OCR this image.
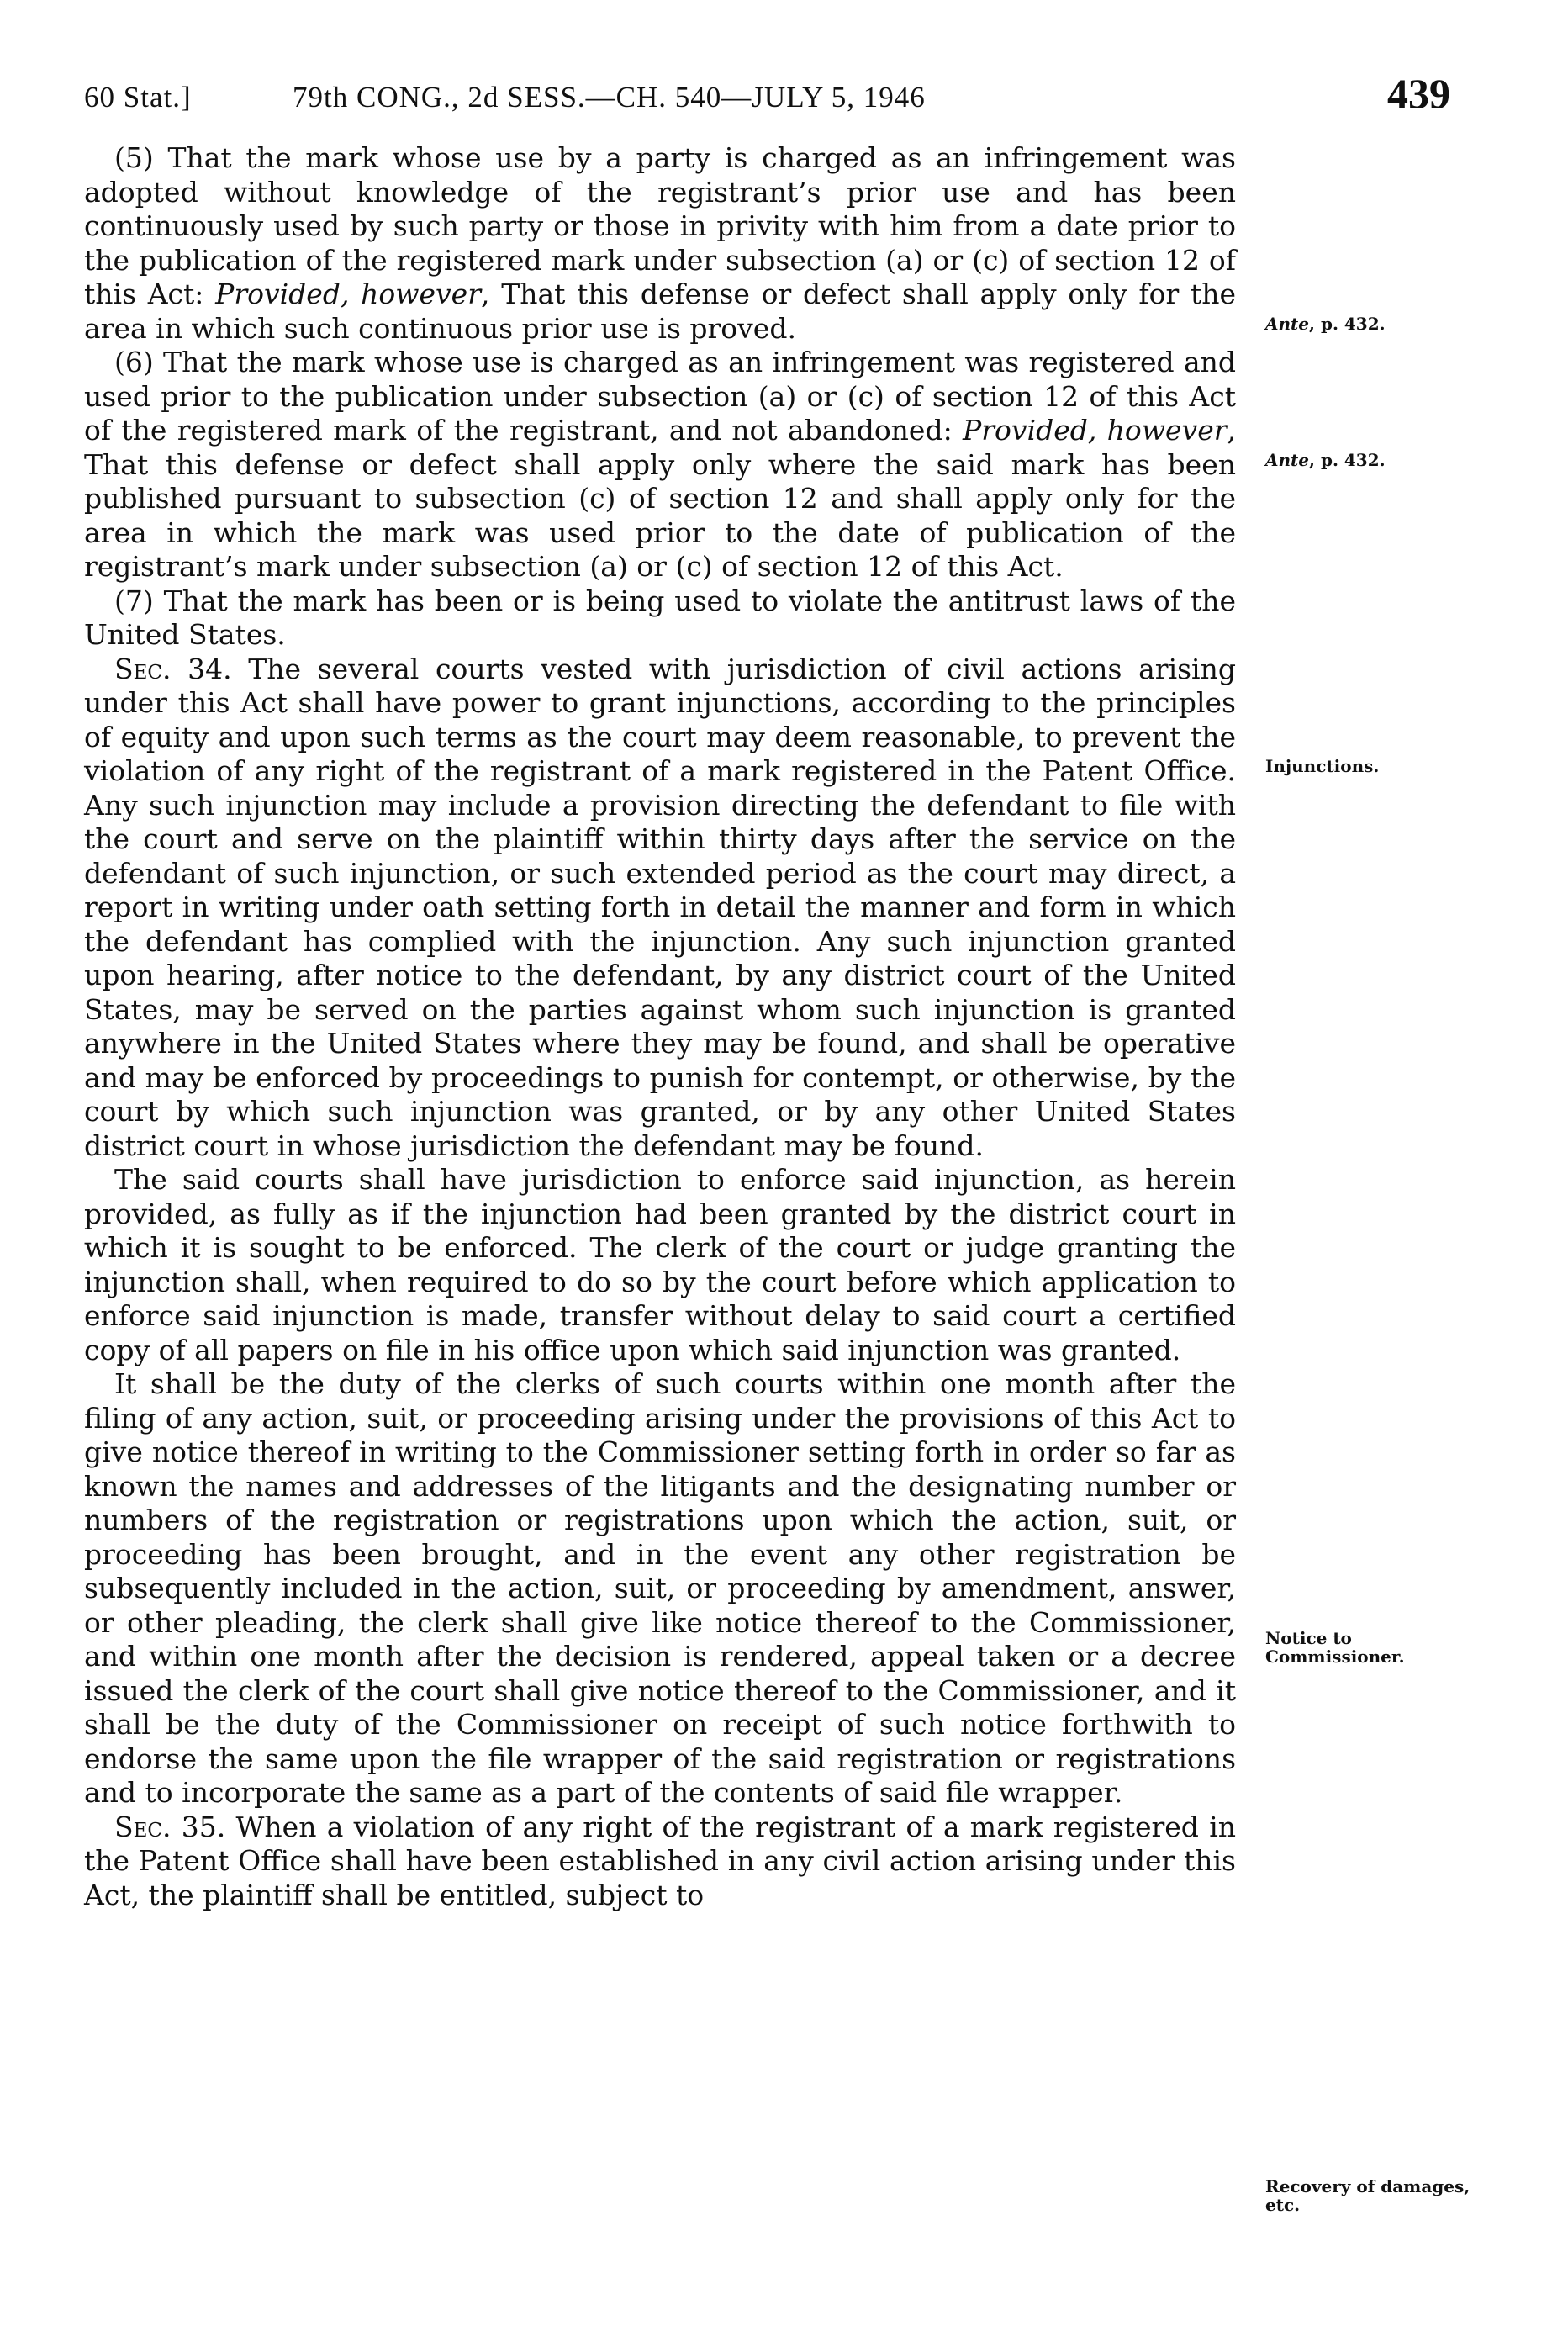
60 Stat.]	79th CONG., 2d SESS.—CH. 540—JULY 5, 1946	439

(5) That the mark whose use by a party is charged as an infringement was adopted without knowledge of the registrant’s prior use and has been continuously used by such party or those in privity with him from a date prior to the publication of the registered mark under subsection (a) or (c) of section 12 of this Act: Provided, however, That this defense or defect shall apply only for the area in which such continuous prior use is proved.

(6) That the mark whose use is charged as an infringement was registered and used prior to the publication under subsection (a) or (c) of section 12 of this Act of the registered mark of the registrant, and not abandoned: Provided, however, That this defense or defect shall apply only where the said mark has been published pursuant to subsection (c) of section 12 and shall apply only for the area in which the mark was used prior to the date of publication of the registrant’s mark under subsection (a) or (c) of section 12 of this Act.

(7) That the mark has been or is being used to violate the antitrust laws of the United States.

Sec. 34. The several courts vested with jurisdiction of civil actions arising under this Act shall have power to grant injunctions, according to the principles of equity and upon such terms as the court may deem reasonable, to prevent the violation of any right of the registrant of a mark registered in the Patent Office. Any such injunction may include a provision directing the defendant to file with the court and serve on the plaintiff within thirty days after the service on the defendant of such injunction, or such extended period as the court may direct, a report in writing under oath setting forth in detail the manner and form in which the defendant has complied with the injunction. Any such injunction granted upon hearing, after notice to the defendant, by any district court of the United States, may be served on the parties against whom such injunction is granted anywhere in the United States where they may be found, and shall be operative and may be enforced by proceedings to punish for contempt, or otherwise, by the court by which such injunction was granted, or by any other United States district court in whose jurisdiction the defendant may be found.

The said courts shall have jurisdiction to enforce said injunction, as herein provided, as fully as if the injunction had been granted by the district court in which it is sought to be enforced. The clerk of the court or judge granting the injunction shall, when required to do so by the court before which application to enforce said injunction is made, transfer without delay to said court a certified copy of all papers on file in his office upon which said injunction was granted.

It shall be the duty of the clerks of such courts within one month after the filing of any action, suit, or proceeding arising under the provisions of this Act to give notice thereof in writing to the Commissioner setting forth in order so far as known the names and addresses of the litigants and the designating number or numbers of the registration or registrations upon which the action, suit, or proceeding has been brought, and in the event any other registration be subsequently included in the action, suit, or proceeding by amendment, answer, or other pleading, the clerk shall give like notice thereof to the Commissioner, and within one month after the decision is rendered, appeal taken or a decree issued the clerk of the court shall give notice thereof to the Commissioner, and it shall be the duty of the Commissioner on receipt of such notice forthwith to endorse the same upon the file wrapper of the said registration or registrations and to incorporate the same as a part of the contents of said file wrapper.

Sec. 35. When a violation of any right of the registrant of a mark registered in the Patent Office shall have been established in any civil action arising under this Act, the plaintiff shall be entitled, subject to

Ante, p. 432.
Ante, p. 432.
Injunctions.
Notice to Commissioner.
Recovery of damages, etc.
